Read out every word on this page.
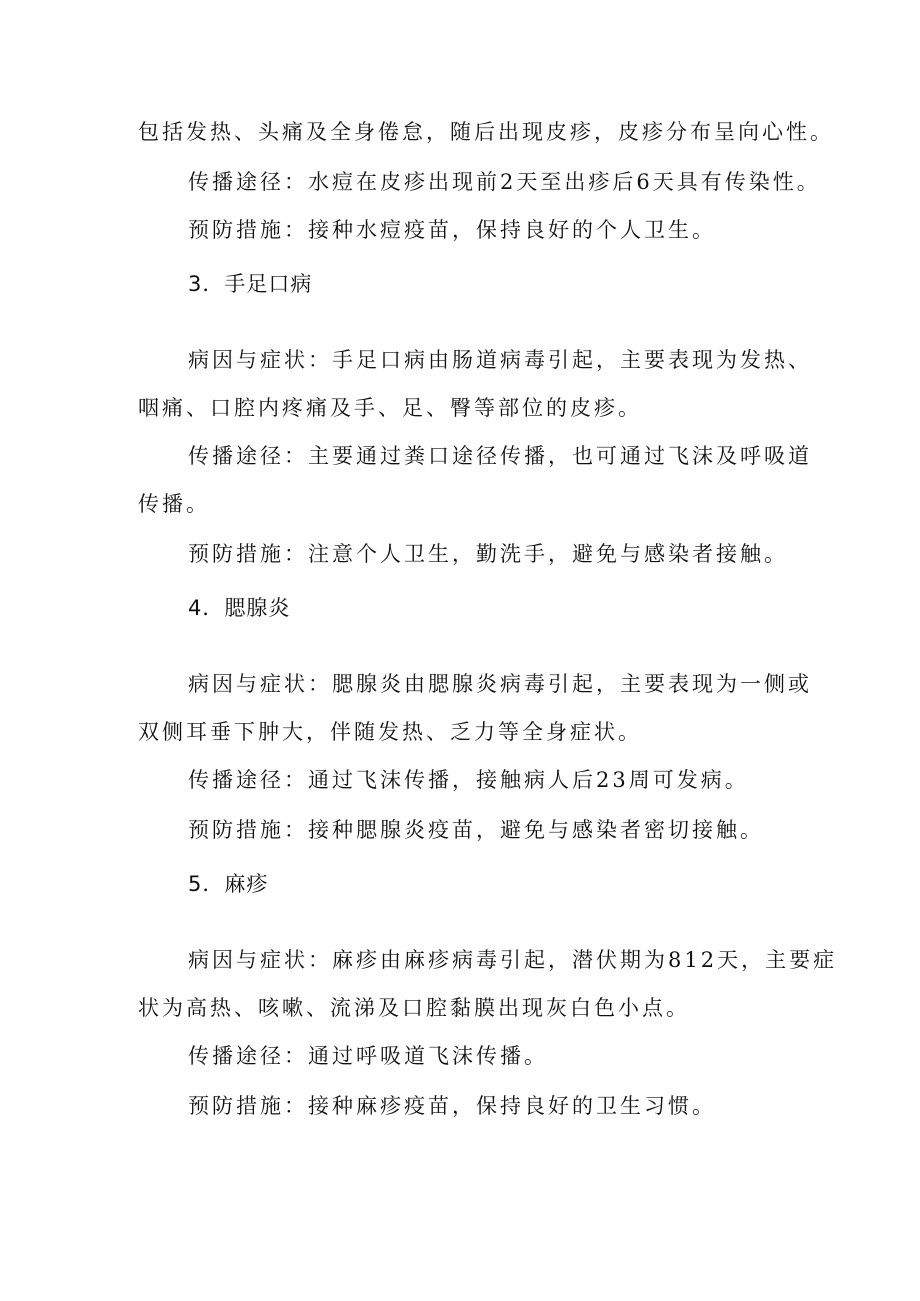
包括发热、头痛及全身倦怠，随后出现皮疹，皮疹分布呈向心性。
传播途径：水痘在皮疹出现前2天至出疹后6天具有传染性。
预防措施：接种水痘疫苗，保持良好的个人卫生。
3．手足口病
病因与症状：手足口病由肠道病毒引起，主要表现为发热、
咽痛、口腔内疼痛及手、足、臀等部位的皮疹。
传播途径：主要通过粪口途径传播，也可通过飞沫及呼吸道
传播。
预防措施：注意个人卫生，勤洗手，避免与感染者接触。
4．腮腺炎
病因与症状：腮腺炎由腮腺炎病毒引起，主要表现为一侧或
双侧耳垂下肿大，伴随发热、乏力等全身症状。
传播途径：通过飞沫传播，接触病人后23周可发病。
预防措施：接种腮腺炎疫苗，避免与感染者密切接触。
5．麻疹
病因与症状：麻疹由麻疹病毒引起，潜伏期为812天，主要症
状为高热、咳嗽、流涕及口腔黏膜出现灰白色小点。
传播途径：通过呼吸道飞沫传播。
预防措施：接种麻疹疫苗，保持良好的卫生习惯。
